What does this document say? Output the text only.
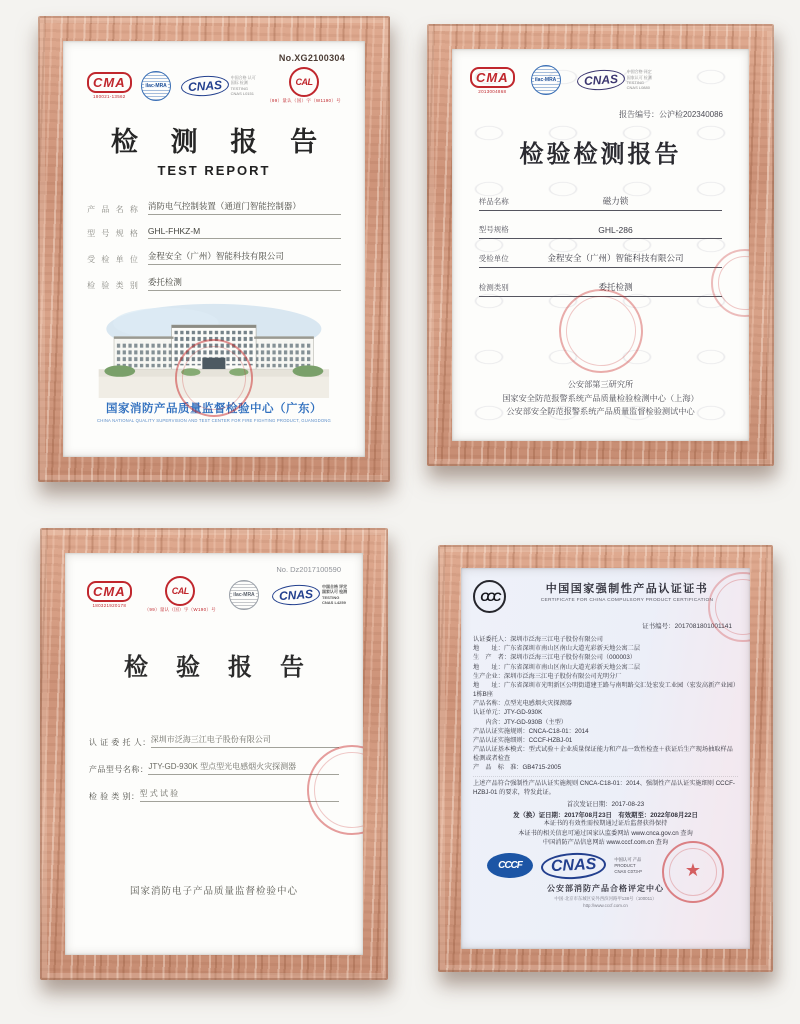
No.XG2100304
CMA
180021-13562
ilac-MRA	CNAS
中国合格 认可国际 检测 TESTING CNAS L0151
CAL
（99）量认（国）字（W1190）号
检 测 报 告
TEST REPORT
产 品 名 称 消防电气控制装置（通道门智能控制器）
型 号 规 格 GHL-FHKZ-M
受 检 单 位 金程安全（广州）智能科技有限公司
检 验 类 别 委托检测
国家消防产品质量监督检验中心（广东）
CHINA NATIONAL QUALITY SUPERVISION AND TEST CENTER FOR FIRE FIGHTING PRODUCT, GUANGDONG
CMA
2013004868
ilac-MRA	CNAS
中国合格 评定国家认可 检测 TESTING CNAS L0880
报告编号：公沪检202340086
检验检测报告
样品名称	磁力锁
型号规格	GHL-286
受检单位	金程安全（广州）智能科技有限公司
检测类别	委托检测
公安部第三研究所
国家安全防范报警系统产品质量检验检测中心（上海）
公安部安全防范报警系统产品质量监督检验测试中心
No. Dz2017100590
CMA
180321920178
CAL
（99）量认（国）字（W190）号
ilac-MRA	CNAS
中国合格 评定国家认可 检测 TESTING CNAS L4259
检 验 报 告
认 证 委 托 人： 深圳市泛海三江电子股份有限公司
产品型号名称： JTY-GD-930K 型点型光电感烟火灾探测器
检 验 类 别： 型 式 试 验
国家消防电子产品质量监督检验中心
CCC
中国国家强制性产品认证证书
CERTIFICATE FOR CHINA COMPULSORY PRODUCT CERTIFICATION
证书编号：2017081801001141
认证委托人：深圳市泛海三江电子股份有限公司
地　　址：广东省深圳市南山区南山大道光彩新天地公寓二层
生　产　者：深圳市泛海三江电子股份有限公司（000003）
地　　址：广东省深圳市南山区南山大道光彩新天地公寓二层
生产企业：深圳市泛海三江电子股份有限公司光明分厂
地　　址：广东省深圳市光明新区公明街道建王路与南明路交汇处宏发工业园（宏发高新产业园）1栋B座
产品名称：点型光电感烟火灾探测器
认证单元：JTY-GD-930K
　　内含：JTY-GD-930B（主型）
产品认证实施规则：CNCA-C18-01：2014
产品认证实施细则：CCCF-HZBJ-01
产品认证基本模式：型式试验＋企业质量保证能力和产品一致性检查＋获证后生产现场抽取样品检测或者检查
产　品　标　准：GB4715-2005
上述产品符合强制性产品认证实施规则 CNCA-C18-01：2014、强制性产品认证实施细则 CCCF-HZBJ-01 的要求，特发此证。
首次发证日期：2017-08-23
发（换）证日期：2017年08月23日　有效期至：2022年08月22日
本证书的有效性需按期通过证后监督获得保持
本证书的相关信息可通过国家认监委网站 www.cnca.gov.cn 查询
中国消防产品信息网站 www.cccf.com.cn 查询
CCCF	CNAS	中国认可 产品 PRODUCT CNAS C073-P
★
公安部消防产品合格评定中心
中国·北京市东城区安外西滨河路甲138号（100011）
http://www.cccf.com.cn
